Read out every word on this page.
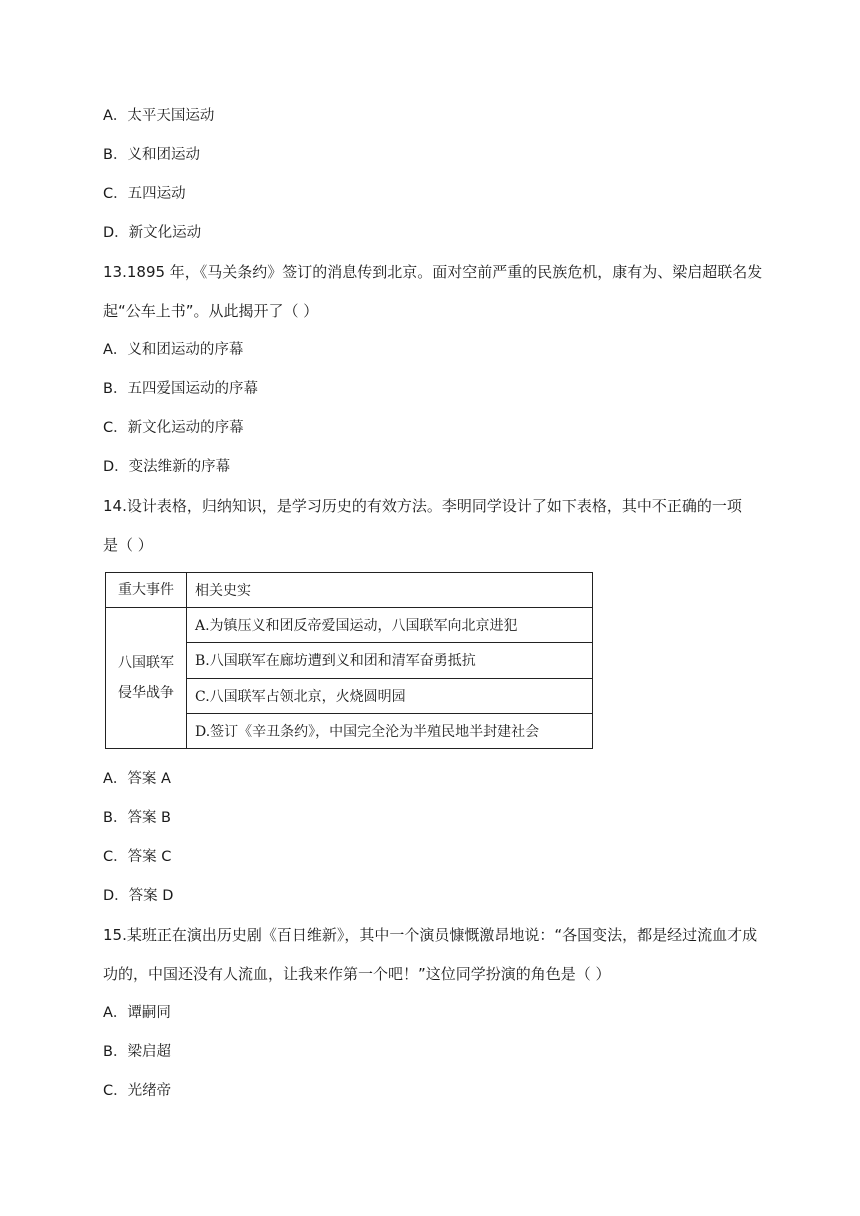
A．太平天国运动
B．义和团运动
C．五四运动
D．新文化运动
13.1895 年，《马关条约》签订的消息传到北京。面对空前严重的民族危机，康有为、梁启超联名发
起“公车上书”。从此揭开了（ ）
A．义和团运动的序幕
B．五四爱国运动的序幕
C．新文化运动的序幕
D．变法维新的序幕
14.设计表格，归纳知识，是学习历史的有效方法。李明同学设计了如下表格，其中不正确的一项
是（ ）
重大事件	相关史实

八国联军
侵华战争	A.为镇压义和团反帝爱国运动，八国联军向北京进犯
	B.八国联军在廊坊遭到义和团和清军奋勇抵抗
	C.八国联军占领北京，火烧圆明园
	D.签订《辛丑条约》，中国完全沦为半殖民地半封建社会
A．答案 A
B．答案 B
C．答案 C
D．答案 D
15.某班正在演出历史剧《百日维新》，其中一个演员慷慨激昂地说：“各国变法，都是经过流血才成
功的，中国还没有人流血，让我来作第一个吧！”这位同学扮演的角色是（ ）
A．谭嗣同
B．梁启超
C．光绪帝
